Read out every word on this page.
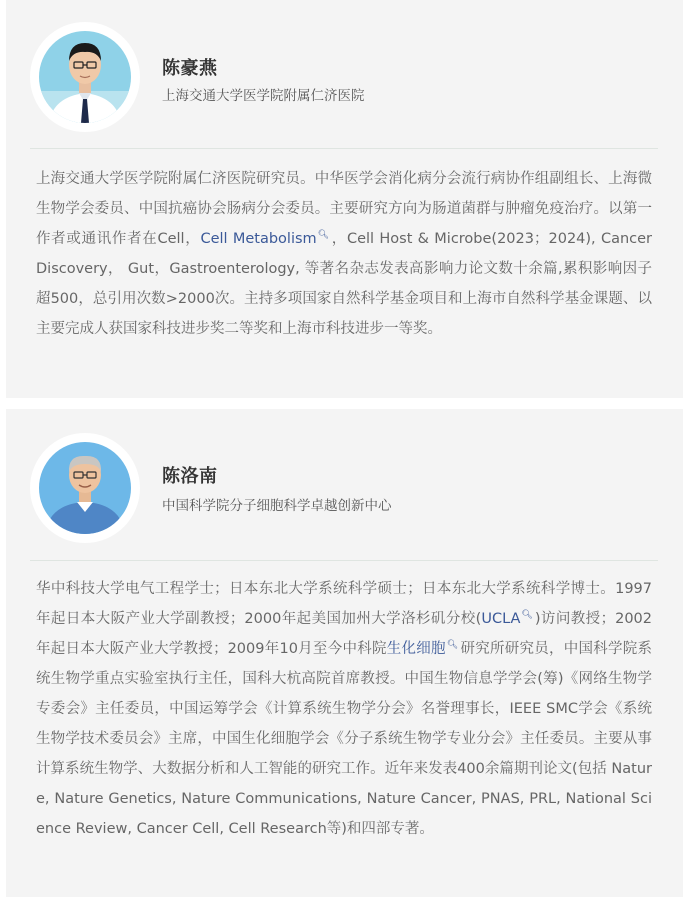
陈豪燕
上海交通大学医学院附属仁济医院
上海交通大学医学院附属仁济医院研究员。中华医学会消化病分会流行病协作组副组长、上海微生物学会委员、中国抗癌协会肠病分会委员。主要研究方向为肠道菌群与肿瘤免疫治疗。以第一作者或通讯作者在Cell，Cell Metabolism🔍︎ ，Cell Host & Microbe(2023；2024), Cancer Discovery， Gut，Gastroenterology, 等著名杂志发表高影响力论文数十余篇,累积影响因子超500，总引用次数>2000次。主持多项国家自然科学基金项目和上海市自然科学基金课题、以主要完成人获国家科技进步奖二等奖和上海市科技进步一等奖。
陈洛南
中国科学院分子细胞科学卓越创新中心
华中科技大学电气工程学士；日本东北大学系统科学硕士；日本东北大学系统科学博士。1997年起日本大阪产业大学副教授；2000年起美国加州大学洛杉矶分校(UCLA🔍︎ )访问教授；2002年起日本大阪产业大学教授；2009年10月至今中科院生化细胞🔍︎ 研究所研究员，中国科学院系统生物学重点实验室执行主任，国科大杭高院首席教授。中国生物信息学学会(筹)《网络生物学专委会》主任委员，中国运筹学会《计算系统生物学分会》名誉理事长，IEEE SMC学会《系统生物学技术委员会》主席，中国生化细胞学会《分子系统生物学专业分会》主任委员。主要从事计算系统生物学、大数据分析和人工智能的研究工作。近年来发表400余篇期刊论文(包括 Nature, Nature Genetics, Nature Communications, Nature Cancer, PNAS, PRL, National Science Review, Cancer Cell, Cell Research等)和四部专著。
